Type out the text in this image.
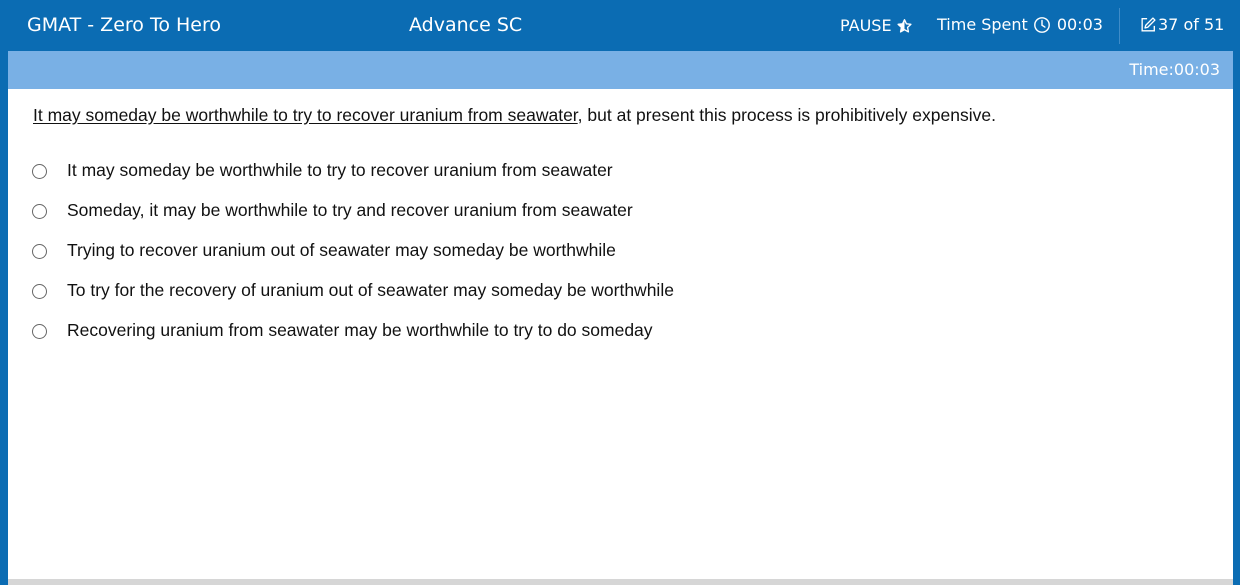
GMAT - Zero To Hero	Advance SC	PAUSE	Time Spent 00:03	37 of 51
Time:00:03
It may someday be worthwhile to try to recover uranium from seawater, but at present this process is prohibitively expensive.
It may someday be worthwhile to try to recover uranium from seawater
Someday, it may be worthwhile to try and recover uranium from seawater
Trying to recover uranium out of seawater may someday be worthwhile
To try for the recovery of uranium out of seawater may someday be worthwhile
Recovering uranium from seawater may be worthwhile to try to do someday
